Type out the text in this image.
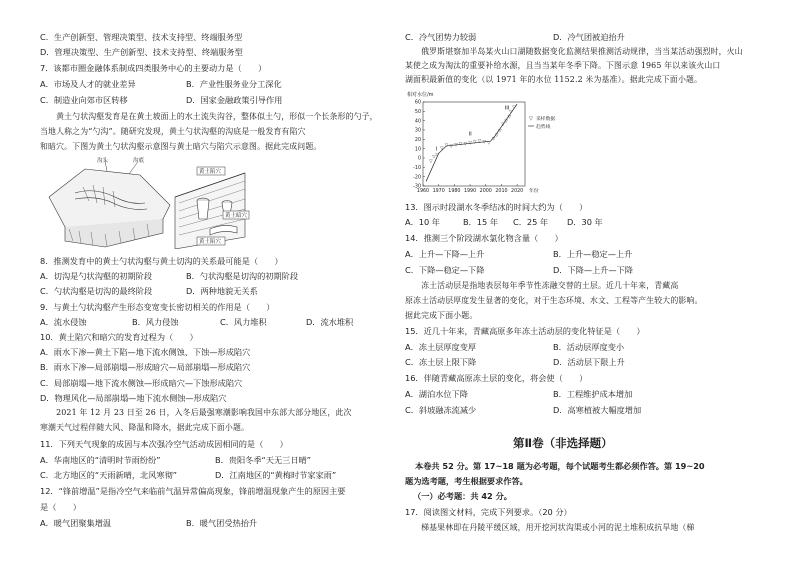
C．生产创新型、管理决策型、技术支持型、终端服务型
D．管理决策型、生产创新型、技术支持型、终端服务型
7．该都市圈金融体系制成四类服务中心的主要动力是（　　）
A．市场及人才的就业差异	B．产业性服务业分工深化
C．制造业向郊市区转移	D．国家金融政策引导作用
　　黄土勺状沟壑发育是在黄土坡面上的水土流失沟谷，整体似土勺，形似一个长条形的勺子，
当地人称之为“勺沟”。随研究发现，黄土勺状沟壑的沟底是一般发育有陷穴
和暗穴。下图为黄土勺状沟壑示意图与黄土暗穴与陷穴示意图。据此完成问题。
沟头	沟底
黄土陷穴
黄土暗穴
黄土陷穴
8．推测发育中的黄土勺状沟壑与黄土切沟的关系最可能是（　　）
A．切沟是勺状沟壑的初期阶段	B．勺状沟壑是切沟的初期阶段
C．勺状沟壑是切沟的最终阶段	D．两种地貌无关系
9．与黄土勺状沟壑产生形态变宽变长密切相关的作用是（　　）
A．流水侵蚀	B．风力侵蚀	C．风力堆积	D．流水堆积
10．黄土陷穴和暗穴的发育过程为（　　）
A．雨水下渗—黄土下陷—地下流水侧蚀、下蚀—形成陷穴
B．雨水下渗—局部崩塌—形成暗穴—局部崩塌—形成陷穴
C．局部崩塌—地下流水侧蚀—形成暗穴—下蚀形成陷穴
D．物理风化—局部崩塌—地下流水侧蚀—形成陷穴
　　2021 年 12 月 23 日至 26 日，入冬后最强寒潮影响我国中东部大部分地区，此次
寒潮天气过程伴随大风、降温和降水，据此完成下面小题。
11．下列天气现象的成因与本次强冷空气活动成因相同的是（　　）
A．华南地区的“清明时节雨纷纷”	B．贵阳冬季“天无三日晴”
C．北方地区的“天雨新晴，北风寒彻”	D．江南地区的“黄梅时节家家雨”
12．“锋前增温”是指冷空气来临前气温异常偏高现象，锋前增温现象产生的原因主要
是（　　）
A．暖气团聚集增温	B．暖气团受热抬升
C．冷气团势力较弱	D．冷气团被迫抬升
　　俄罗斯堪察加半岛某火山口湖随数据变化监测结果推测活动规律，当当某活动强烈时，火山
某使之成为淘汰的重要补给水源，且当当某年冬季下降。下图示意 1965 年以来该火山口
湖面积最新值的变化（以 1971 年的水位 1152.2 米为基准）。据此完成下面小题。
相对水位/m
▽
▽ ▽
▽
▽ ▽ ▽ ▽ ▽ ▽ ▽ ▽ ▽ ▽
▽
▽
▽
▽
▽
▽
▽
▽
60
50
40
30
20
10
0
-10
-20
-30
1960 1970 1980 1990 2000 2010 2020 年份
I
II
III
▽ 采样数据
趋势线
13．图示时段湖水冬季结冰的时间大约为（　　）
A．10 年	B．15 年 C．25 年 D．30 年
14．推测三个阶段湖水氯化物含量（　　）
A．上升—下降—上升	B．上升—稳定—上升
C．下降—稳定—下降	D．下降—上升—下降
　　冻土活动层是指地表层每年季节性冻融交替的土层。近几十年来，青藏高
原冻土活动层厚度发生显著的变化，对于生态环境、水文、工程等产生较大的影响。
据此完成下面小题。
15．近几十年来，青藏高原多年冻土活动层的变化特征是（　　）
A．冻土层厚度变厚	B．活动层厚度变小
C．冻土层上限下降	D．活动层下限上升
16．伴随青藏高原冻土层的变化，将会使（　　）
A．湖泊水位下降	B．工程维护成本增加
C．斜坡融冻流减少	D．高寒植被大幅度增加
第Ⅱ卷（非选择题）
本卷共 52 分。第 17~18 题为必考题，每个试题考生都必须作答。第 19~20
题为选考题，考生根据要求作答。
（一）必考题：共 42 分。
17．阅读图文材料，完成下列要求。（20 分）
　　梯基果林即在丹陵平缓区域，用开挖河状沟渠或小河的泥土堆积成抗旱地（梯
